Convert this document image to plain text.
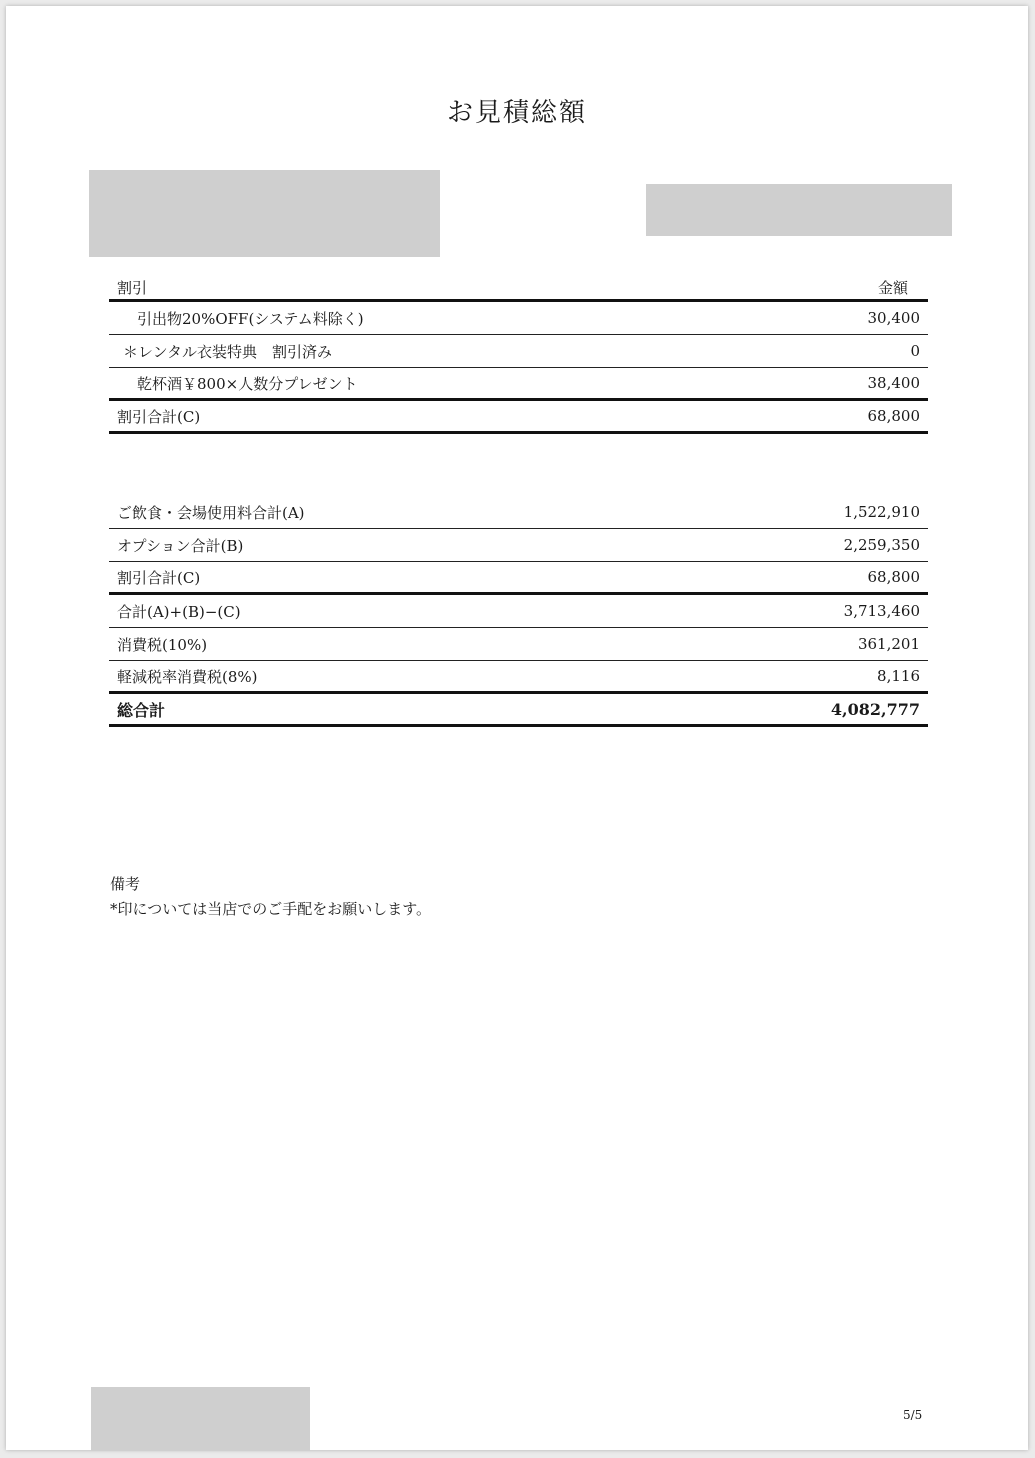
お見積総額
割引	金額
引出物20%OFF(システム料除く)	30,400
＊レンタル衣装特典　割引済み	0
乾杯酒￥800×人数分プレゼント	38,400
割引合計(C)	68,800
ご飲食・会場使用料合計(A)	1,522,910
オプション合計(B)	2,259,350
割引合計(C)	68,800
合計(A)+(B)−(C)	3,713,460
消費税(10%)	361,201
軽減税率消費税(8%)	8,116
総合計	4,082,777
備考
*印については当店でのご手配をお願いします。
5/5
